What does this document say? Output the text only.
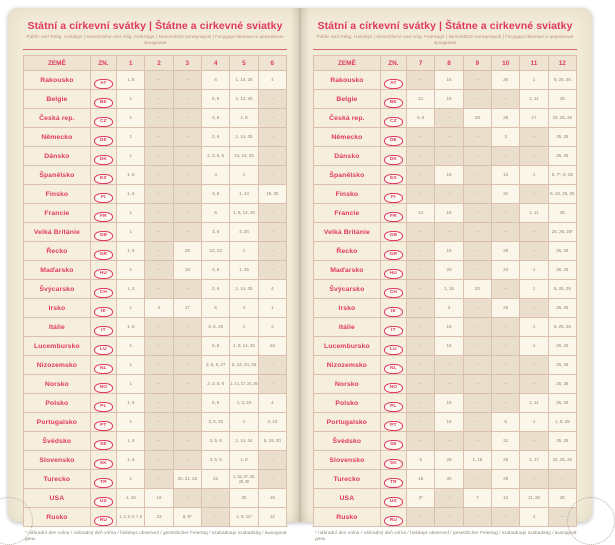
Státní a církevní svátky | Štátne a cirkevné sviatky
Public and Relig. Holidays | Gesetzliche und relig. Feiertage | Nemzetközi ünnepnapok | Государственные и церковные праздники
ZEMĚ	ZN.	1	2	3	4	5	6
Rakousko	AT	1, 6	–	–	6	1, 14, 25	4
Belgie	BE	1	–	–	5, 6	1, 14, 25	–
Česká rep.	CZ	1	–	–	3, 6	1, 8	–
Německo	DE	1	–	–	3, 6	1, 14, 25	–
Dánsko	DK	1	–	–	2, 3, 5, 6	14, 24, 25	–
Španělsko	ES	1, 6	–	–	3	1	–
Finsko	FI	1, 6	–	–	3, 6	1, 14	19, 20
Francie	FR	1	–	–	6	1, 8, 14, 25	–
Velká Británie	GB	1	–	–	3, 6	4, 25	–
Řecko	GR	1, 6	–	25	10, 13	1	–
Maďarsko	HU	1	–	15	3, 6	1, 25	–
Švýcarsko	CH	1, 2	–	–	3, 6	1, 14, 25	4
Irsko	IE	1	2	17	6	4	1
Itálie	IT	1, 6	–	–	5, 6, 25	1	2
Lucembursko	LU	1	–	–	5, 6	1, 9, 14, 25	23
Nizozemsko	NL	1	–	–	3, 5, 6, 27	5, 14, 24, 25	–
Norsko	NO	1	–	–	2, 3, 5, 6	1, 14, 17, 24, 25	–
Polsko	PL	1, 6	–	–	5, 6	1, 3, 24	4
Portugalsko	PT	1	–	–	3, 5, 25	1	4, 10
Švédsko	SE	1, 6	–	–	3, 5, 6	1, 14, 24	6, 19, 20
Slovensko	SK	1, 6	–	–	3, 5, 6	1, 8	–
Turecko	TR	1	–	20, 21, 22	23	1, 19, 27, 28, 29, 30	–
USA	US	1, 19	16	–	–	25	19
Rusko	RU	1, 2, 5, 6, 7, 8	23	8, 9*	–	1, 9, 11*	12
* náhradní den volna / náhradný deň voľna / holidays observed / gesetzlicher Feiertag / szabadnapi szabadság / выходной день
Státní a církevní svátky | Štátne a cirkevné sviatky
Public and Relig. Holidays | Gesetzliche und relig. Feiertage | Nemzetközi ünnepnapok | Государственные и церковные праздники
ZEMĚ	ZN.	7	8	9	10	11	12
Rakousko	AT	–	15	–	26	1	8, 25, 26
Belgie	BE	21	15	–	–	1, 11	25
Česká rep.	CZ	5, 6	–	28	28	17	24, 25, 26
Německo	DE	–	–	–	3	–	25, 26
Dánsko	DK	–	–	–	–	–	25, 26
Španělsko	ES	–	15	–	12	1	6, 7*, 8, 25
Finsko	FI	–	–	–	31	–	6, 24, 25, 26
Francie	FR	14	15	–	–	1, 11	25
Velká Británie	GB	–	–	–	–	–	25, 26, 28*
Řecko	GR	–	15	–	28	–	25, 26
Maďarsko	HU	–	20	–	23	1	25, 26
Švýcarsko	CH	–	1, 15	20	–	1	8, 25, 26
Irsko	IE	–	3	–	26	–	25, 26
Itálie	IT	–	15	–	–	1	8, 25, 26
Lucembursko	LU	–	15	–	–	1	25, 26
Nizozemsko	NL	–	–	–	–	–	25, 26
Norsko	NO	–	–	–	–	–	25, 26
Polsko	PL	–	15	–	–	1, 11	25, 26
Portugalsko	PT	–	15	–	5	1	1, 8, 25
Švédsko	SE	–	–	–	31	–	25, 26
Slovensko	SK	5	29	1, 15	28	1, 17	24, 25, 26
Turecko	TR	15	30	–	29	–	–
USA	US	3*	–	7	12	11, 26	25
Rusko	RU	–	–	–	–	4	–
* náhradní den volna / náhradný deň voľna / holidays observed / gesetzlicher Feiertag / szabadnapi szabadság / выходной день
